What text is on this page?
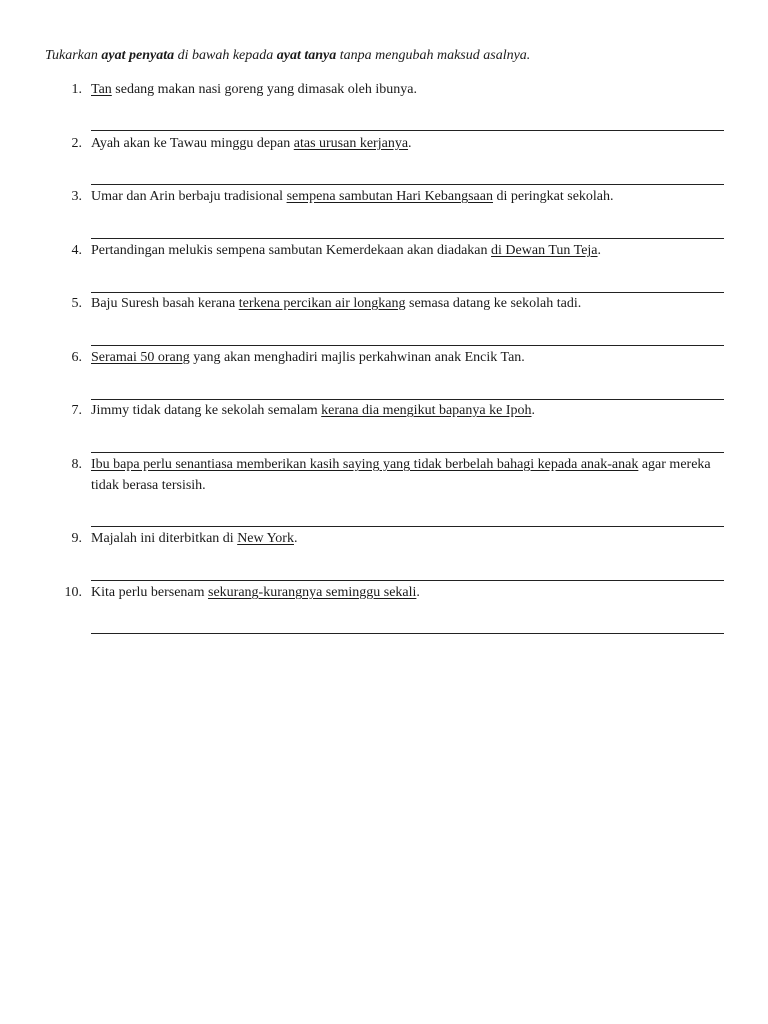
Tukarkan ayat penyata di bawah kepada ayat tanya tanpa mengubah maksud asalnya.
1. Tan sedang makan nasi goreng yang dimasak oleh ibunya.
2. Ayah akan ke Tawau minggu depan atas urusan kerjanya.
3. Umar dan Arin berbaju tradisional sempena sambutan Hari Kebangsaan di peringkat sekolah.
4. Pertandingan melukis sempena sambutan Kemerdekaan akan diadakan di Dewan Tun Teja.
5. Baju Suresh basah kerana terkena percikan air longkang semasa datang ke sekolah tadi.
6. Seramai 50 orang yang akan menghadiri majlis perkahwinan anak Encik Tan.
7. Jimmy tidak datang ke sekolah semalam kerana dia mengikut bapanya ke Ipoh.
8. Ibu bapa perlu senantiasa memberikan kasih saying yang tidak berbelah bahagi kepada anak-anak agar mereka tidak berasa tersisih.
9. Majalah ini diterbitkan di New York.
10. Kita perlu bersenam sekurang-kurangnya seminggu sekali.
